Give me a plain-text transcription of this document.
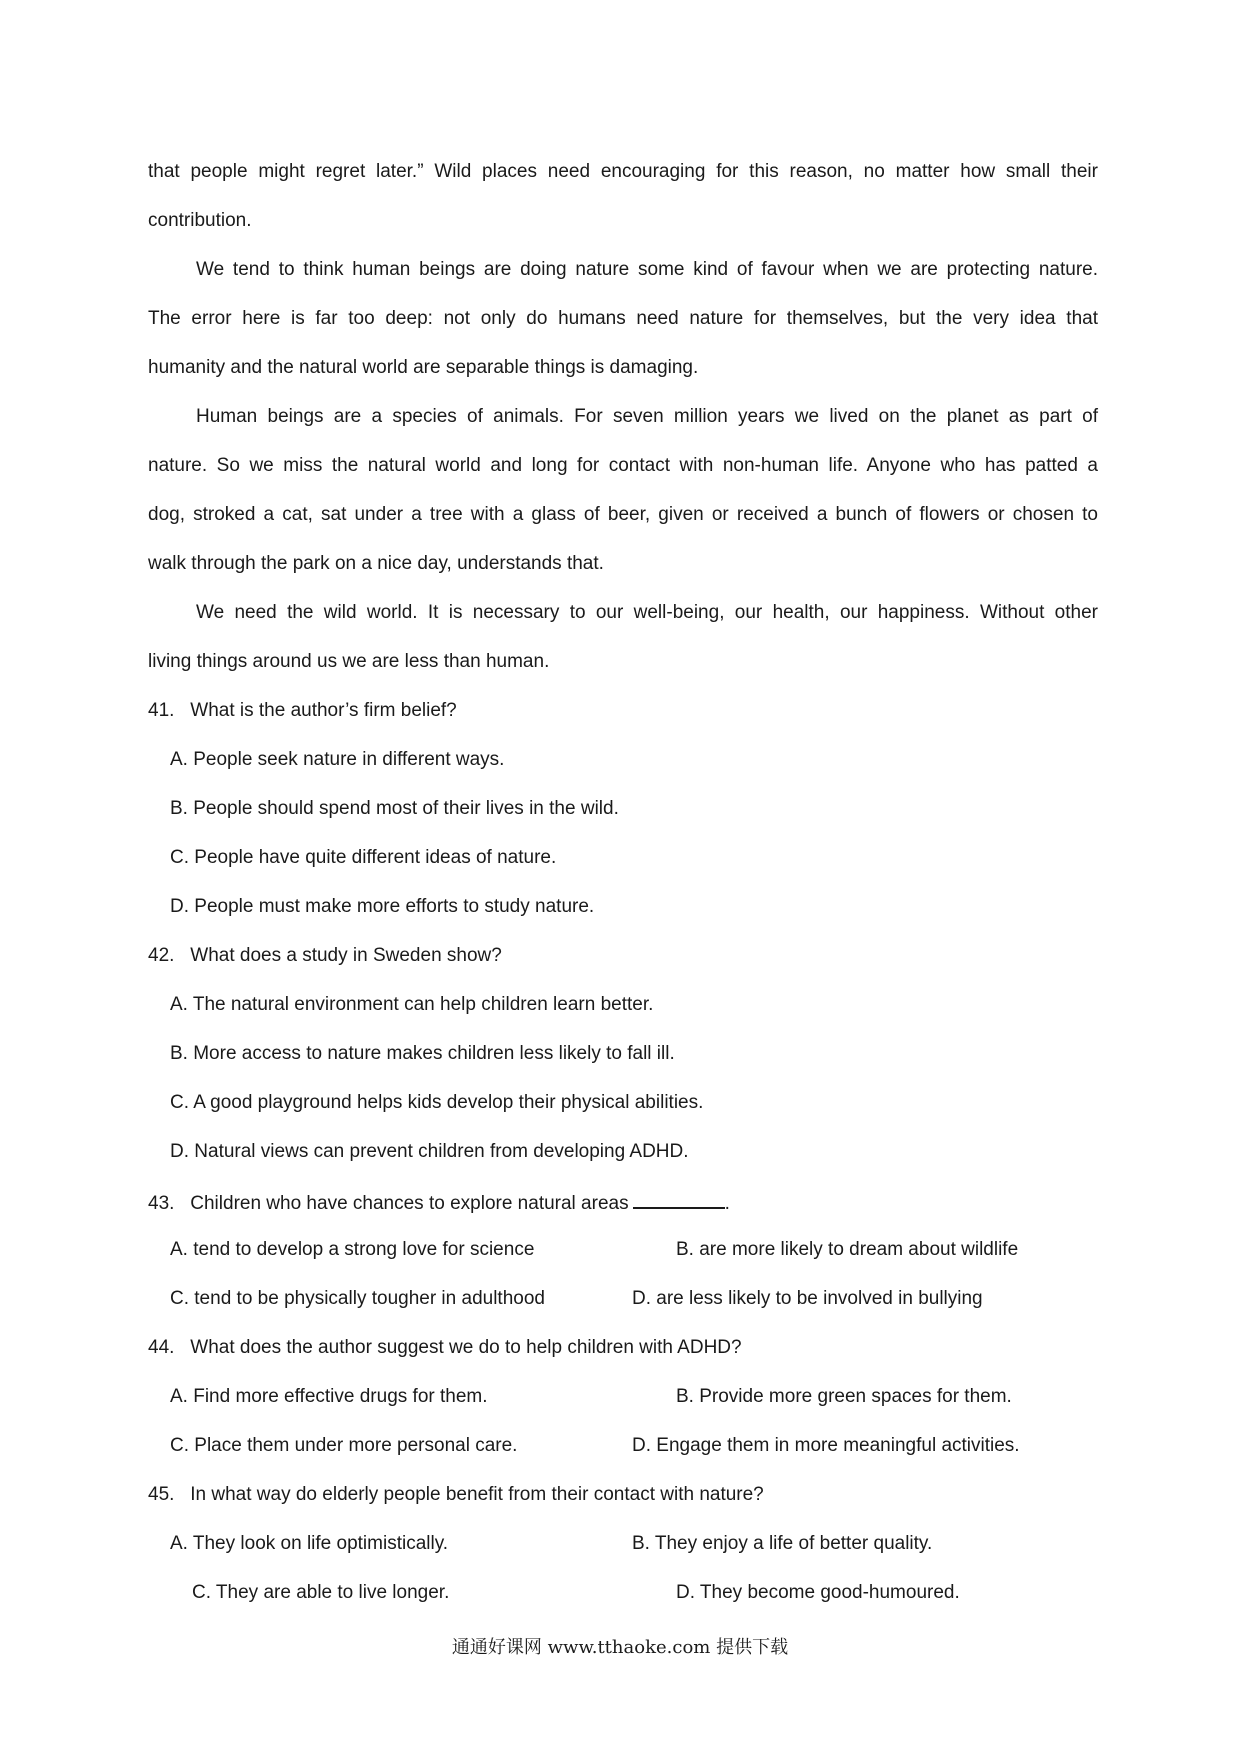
that people might regret later.” Wild places need encouraging for this reason, no matter how small their
contribution.
We tend to think human beings are doing nature some kind of favour when we are protecting nature.
The error here is far too deep: not only do humans need nature for themselves, but the very idea that
humanity and the natural world are separable things is damaging.
Human beings are a species of animals. For seven million years we lived on the planet as part of
nature. So we miss the natural world and long for contact with non-human life. Anyone who has patted a
dog, stroked a cat, sat under a tree with a glass of beer, given or received a bunch of flowers or chosen to
walk through the park on a nice day, understands that.
We need the wild world. It is necessary to our well-being, our health, our happiness. Without other
living things around us we are less than human.
41. What is the author’s firm belief?
A. People seek nature in different ways.
B. People should spend most of their lives in the wild.
C. People have quite different ideas of nature.
D. People must make more efforts to study nature.
42. What does a study in Sweden show?
A. The natural environment can help children learn better.
B. More access to nature makes children less likely to fall ill.
C. A good playground helps kids develop their physical abilities.
D. Natural views can prevent children from developing ADHD.
43. Children who have chances to explore natural areas	.
A. tend to develop a strong love for science	B. are more likely to dream about wildlife
C. tend to be physically tougher in adulthood	D. are less likely to be involved in bullying
44. What does the author suggest we do to help children with ADHD?
A. Find more effective drugs for them.	B. Provide more green spaces for them.
C. Place them under more personal care.	D. Engage them in more meaningful activities.
45. In what way do elderly people benefit from their contact with nature?
A. They look on life optimistically.	B. They enjoy a life of better quality.
C. They are able to live longer.	D. They become good-humoured.
通通好课网 www.tthaoke.com 提供下载
